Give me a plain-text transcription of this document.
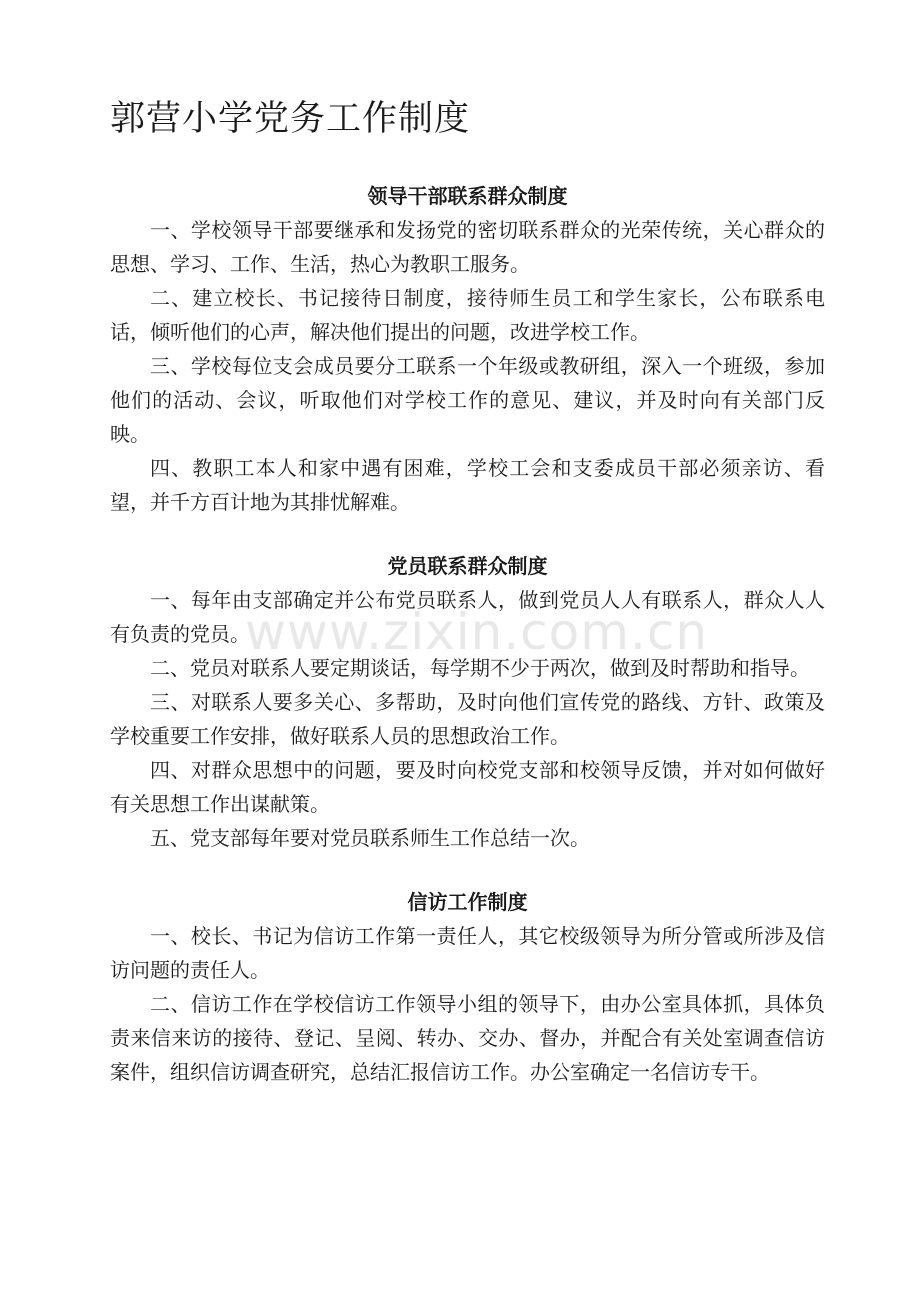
郭营小学党务工作制度
领导干部联系群众制度

一、学校领导干部要继承和发扬党的密切联系群众的光荣传统，关心群众的思想、学习、工作、生活，热心为教职工服务。

二、建立校长、书记接待日制度，接待师生员工和学生家长，公布联系电话，倾听他们的心声，解决他们提出的问题，改进学校工作。

三、学校每位支会成员要分工联系一个年级或教研组，深入一个班级，参加他们的活动、会议，听取他们对学校工作的意见、建议，并及时向有关部门反映。

四、教职工本人和家中遇有困难，学校工会和支委成员干部必须亲访、看望，并千方百计地为其排忧解难。

党员联系群众制度

一、每年由支部确定并公布党员联系人，做到党员人人有联系人，群众人人有负责的党员。

二、党员对联系人要定期谈话，每学期不少于两次，做到及时帮助和指导。

三、对联系人要多关心、多帮助，及时向他们宣传党的路线、方针、政策及学校重要工作安排，做好联系人员的思想政治工作。

四、对群众思想中的问题，要及时向校党支部和校领导反馈，并对如何做好有关思想工作出谋献策。

五、党支部每年要对党员联系师生工作总结一次。

信访工作制度

一、校长、书记为信访工作第一责任人，其它校级领导为所分管或所涉及信访问题的责任人。

二、信访工作在学校信访工作领导小组的领导下，由办公室具体抓，具体负责来信来访的接待、登记、呈阅、转办、交办、督办，并配合有关处室调查信访案件，组织信访调查研究，总结汇报信访工作。办公室确定一名信访专干。

www.zixin.com.cn
